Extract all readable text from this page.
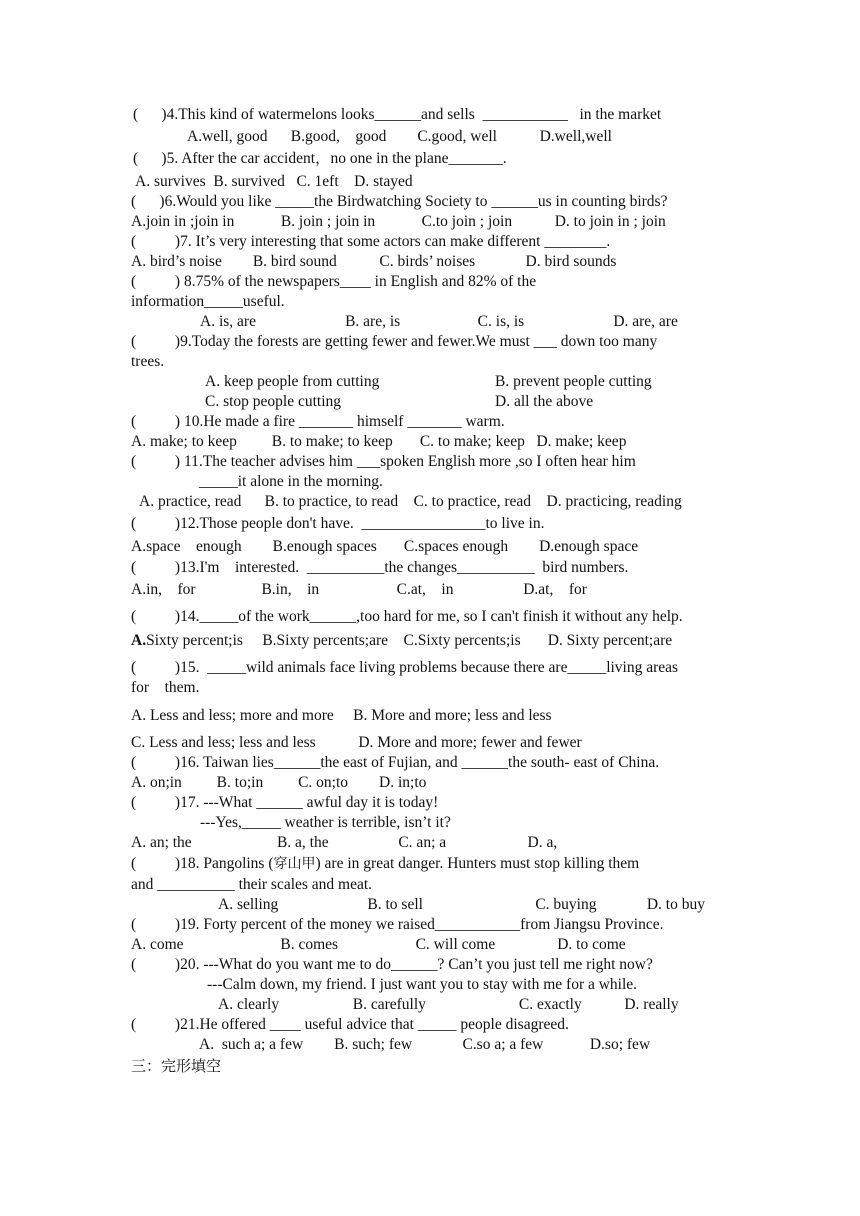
(      )4.This kind of watermelons looks______and sells  ___________   in the market
A.well, good      B.good,    good        C.good, well           D.well,well
(      )5. After the car accident，no one in the plane_______.
A. survives  B. survived   C. 1eft    D. stayed
(      )6.Would you like _____the Birdwatching Society to ______us in counting birds?
A.join in ;join in            B. join ; join in            C.to join ; join           D. to join in ; join
(          )7. It’s very interesting that some actors can make different ________.
A. bird’s noise        B. bird sound           C. birds’ noises             D. bird sounds
(          ) 8.75% of the newspapers____ in English and 82% of the
information_____useful.
A. is, are                       B. are, is                    C. is, is                       D. are, are
(          )9.Today the forests are getting fewer and fewer.We must ___ down too many
trees.
A. keep people from cutting	B. prevent people cutting
C. stop people cutting	D. all the above
(          ) 10.He made a fire _______ himself _______ warm.
A. make; to keep         B. to make; to keep       C. to make; keep   D. make; keep
(          ) 11.The teacher advises him ___spoken English more ,so I often hear him
_____it alone in the morning.
A. practice, read      B. to practice, to read    C. to practice, read    D. practicing, reading
(          )12.Those people don't have.  ________________to live in.
A.space    enough        B.enough spaces       C.spaces enough        D.enough space
(          )13.I'm    interested.  __________the changes__________  bird numbers.
A.in,    for                 B.in,    in                    C.at,    in                  D.at,    for
(          )14._____of the work______,too hard for me, so I can't finish it without any help.
A.Sixty percent;is     B.Sixty percents;are    C.Sixty percents;is       D. Sixty percent;are
(          )15.  _____wild animals face living problems because there are_____living areas
for    them.
A. Less and less; more and more     B. More and more; less and less
C. Less and less; less and less           D. More and more; fewer and fewer
(          )16. Taiwan lies______the east of Fujian, and ______the south- east of China.
A. on;in         B. to;in         C. on;to        D. in;to
(          )17. ---What ______ awful day it is today!
---Yes,_____ weather is terrible, isn’t it?
A. an; the                      B. a, the                  C. an; a                     D. a,
(          )18. Pangolins (穿山甲) are in great danger. Hunters must stop killing them
and __________ their scales and meat.
A. selling                       B. to sell                             C. buying             D. to buy
(          )19. Forty percent of the money we raised___________from Jiangsu Province.
A. come                         B. comes                    C. will come                D. to come
(          )20. ---What do you want me to do______? Can’t you just tell me right now?
---Calm down, my friend. I just want you to stay with me for a while.
A. clearly                   B. carefully                        C. exactly           D. really
(          )21.He offered ____ useful advice that _____ people disagreed.
A.  such a; a few        B. such; few             C.so a; a few            D.so; few
三：完形填空
